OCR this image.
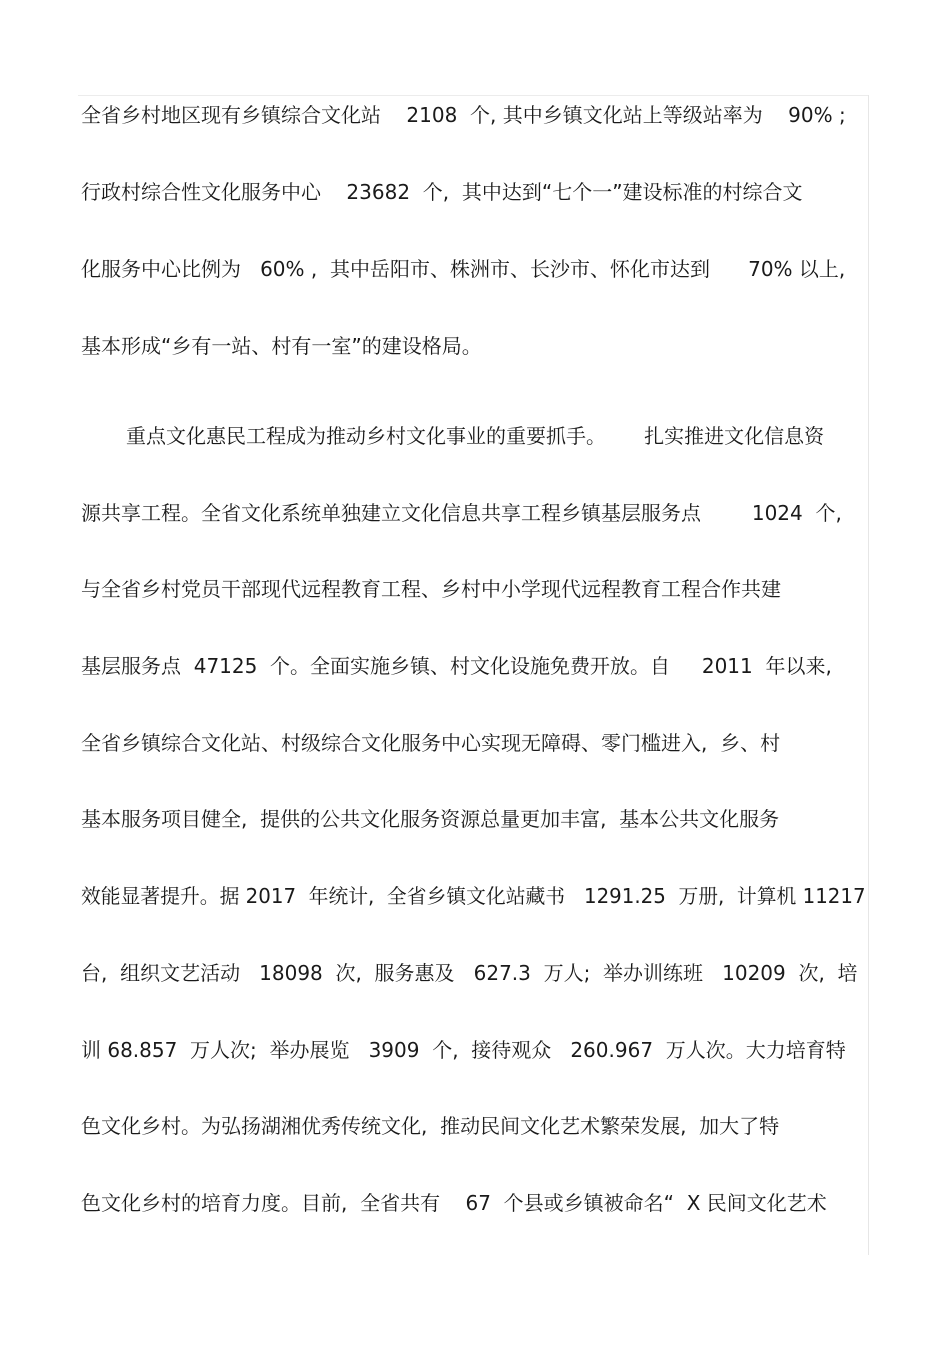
全省乡村地区现有乡镇综合文化站    2108  个, 其中乡镇文化站上等级站率为    90% ;
行政村综合性文化服务中心    23682  个,  其中达到“七个一”建设标准的村综合文
化服务中心比例为   60% ,  其中岳阳市、株洲市、长沙市、怀化市达到      70% 以上,
基本形成“乡有一站、村有一室”的建设格局。
重点文化惠民工程成为推动乡村文化事业的重要抓手。      扎实推进文化信息资
源共享工程。全省文化系统单独建立文化信息共享工程乡镇基层服务点        1024  个,
与全省乡村党员干部现代远程教育工程、乡村中小学现代远程教育工程合作共建
基层服务点  47125  个。全面实施乡镇、村文化设施免费开放。自     2011  年以来,
全省乡镇综合文化站、村级综合文化服务中心实现无障碍、零门槛进入,  乡、村
基本服务项目健全,  提供的公共文化服务资源总量更加丰富,  基本公共文化服务
效能显著提升。据 2017  年统计,  全省乡镇文化站藏书   1291.25  万册,  计算机 11217
台,  组织文艺活动   18098  次,  服务惠及   627.3  万人;  举办训练班   10209  次,  培
训 68.857  万人次;  举办展览   3909  个,  接待观众   260.967  万人次。大力培育特
色文化乡村。为弘扬湖湘优秀传统文化,  推动民间文化艺术繁荣发展,  加大了特
色文化乡村的培育力度。目前,  全省共有    67  个县或乡镇被命名“  X 民间文化艺术
